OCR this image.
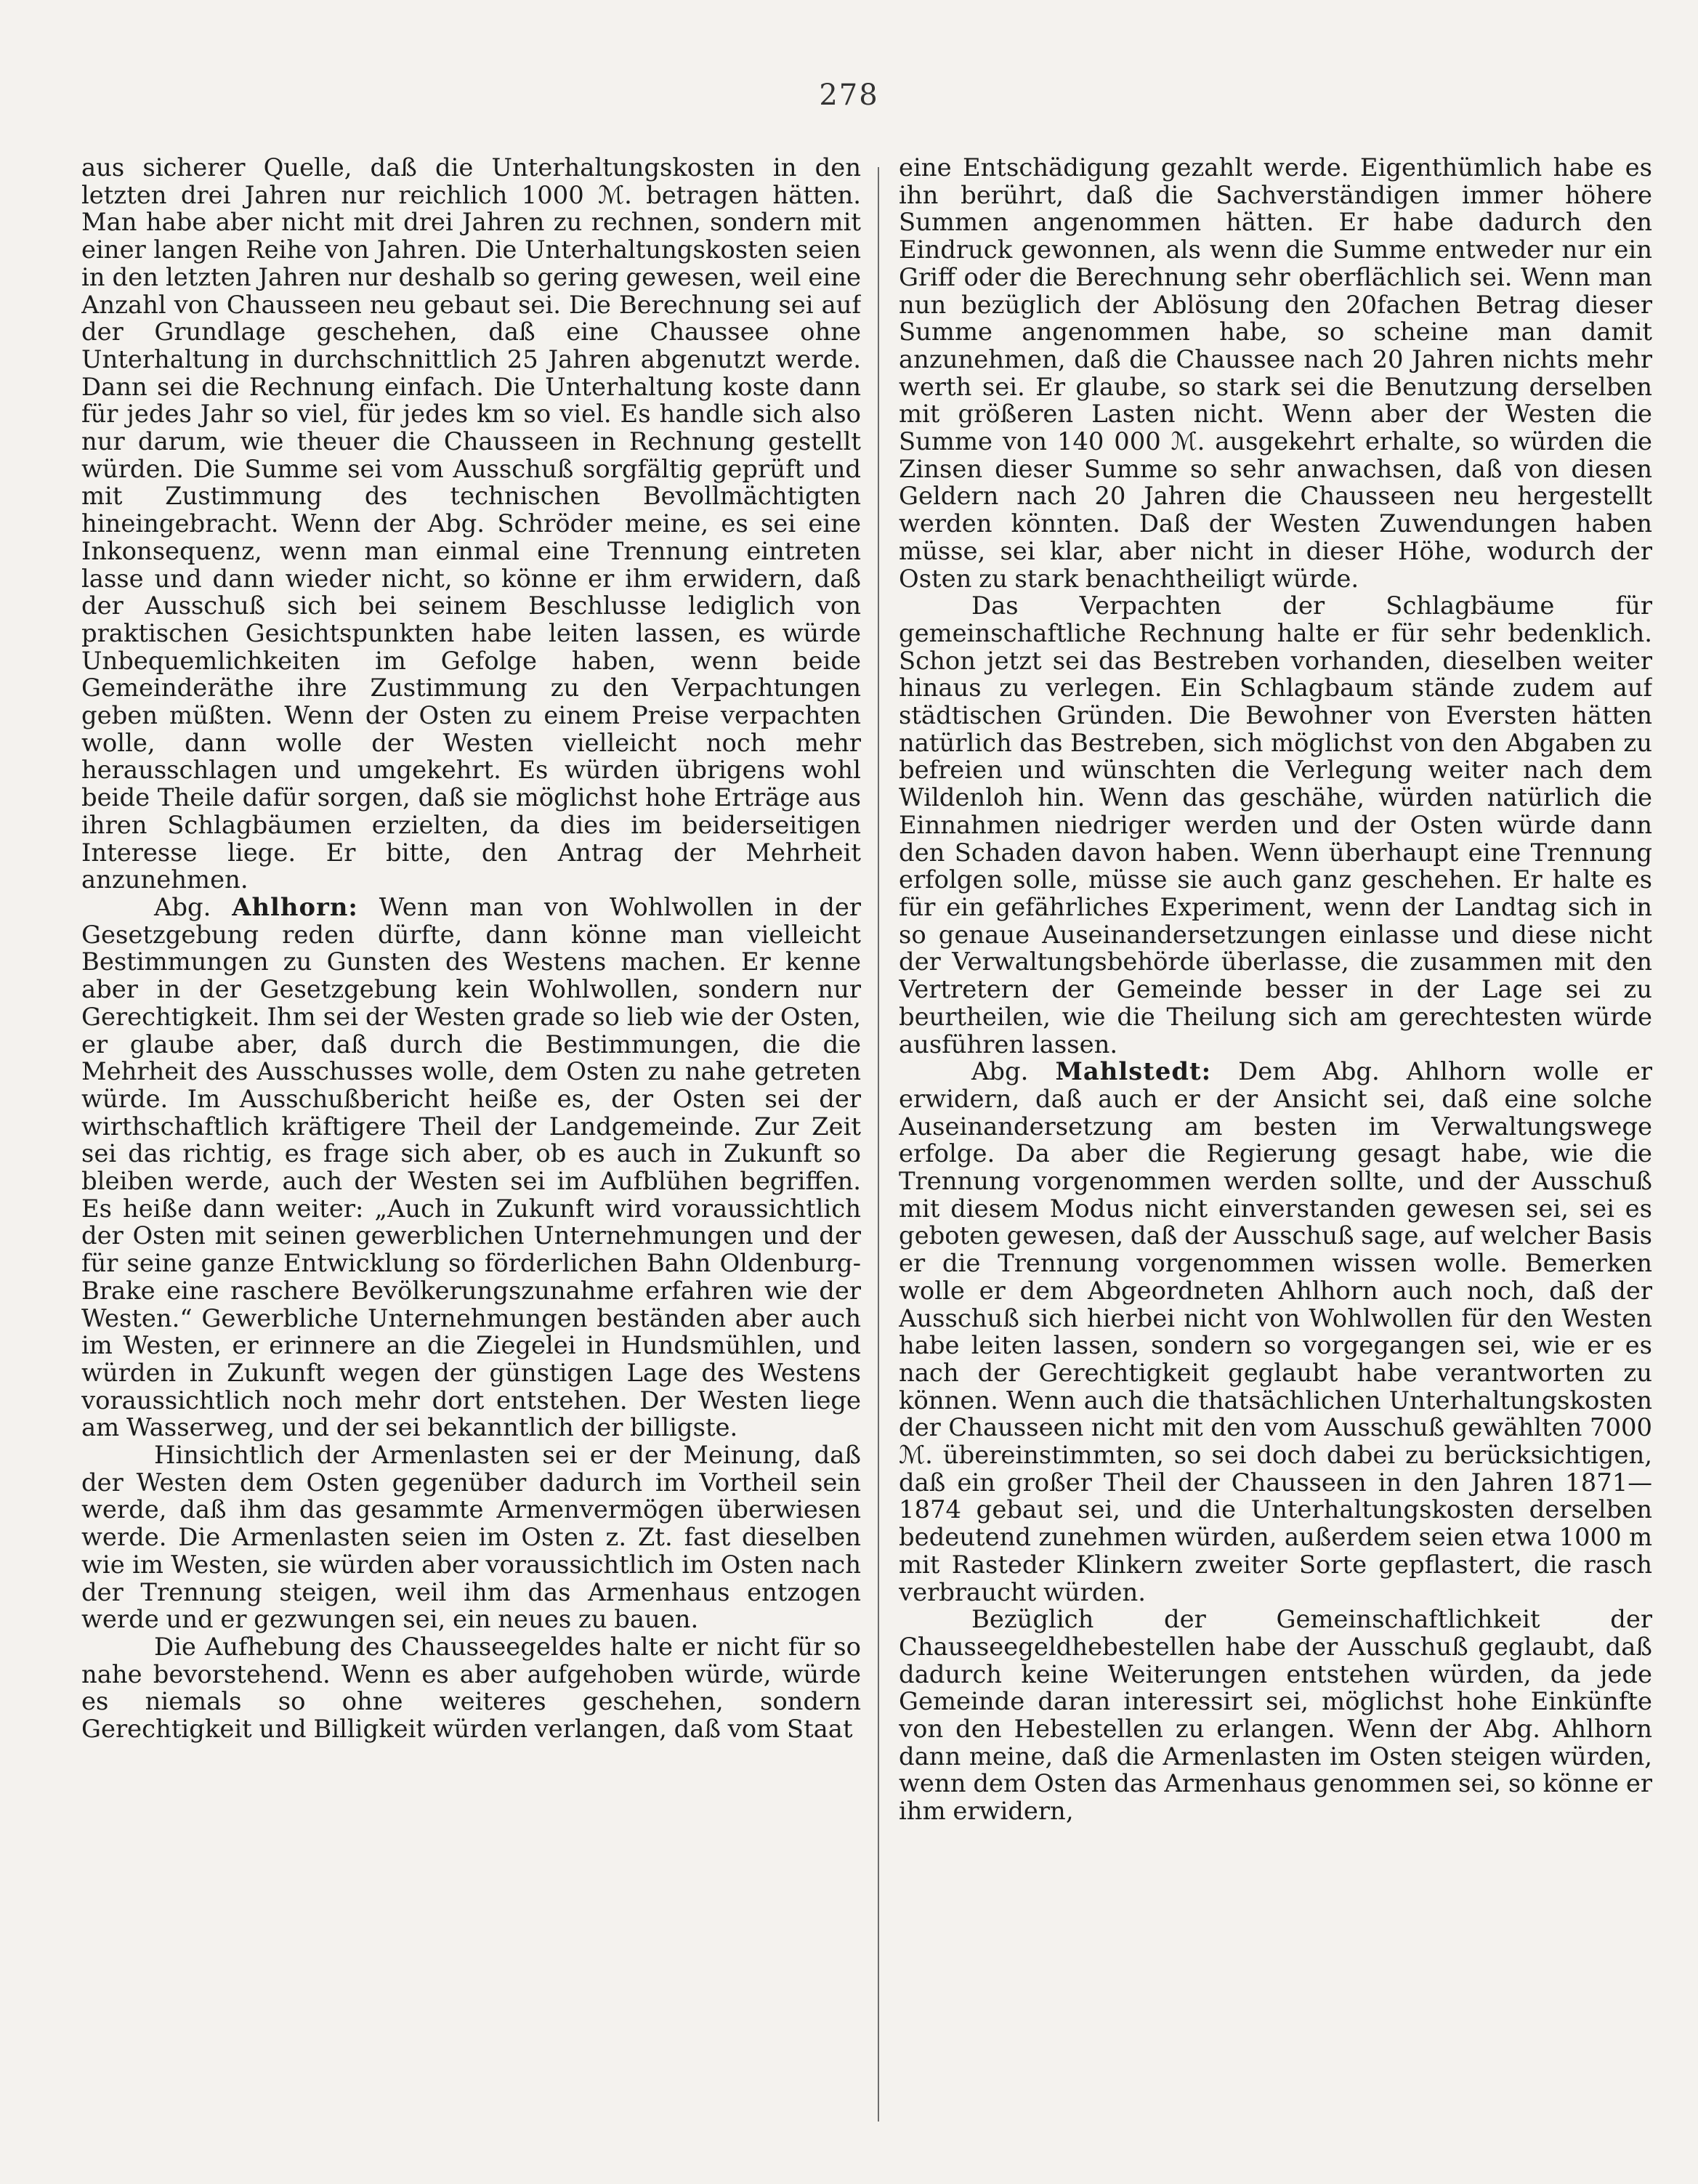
278

aus sicherer Quelle, daß die Unterhaltungskosten in den letzten drei Jahren nur reichlich 1000 ℳ. betragen hätten. Man habe aber nicht mit drei Jahren zu rechnen, sondern mit einer langen Reihe von Jahren. Die Unterhaltungskosten seien in den letzten Jahren nur deshalb so gering gewesen, weil eine Anzahl von Chausseen neu gebaut sei. Die Berechnung sei auf der Grundlage geschehen, daß eine Chaussee ohne Unterhaltung in durchschnittlich 25 Jahren abgenutzt werde. Dann sei die Rechnung einfach. Die Unterhaltung koste dann für jedes Jahr so viel, für jedes km so viel. Es handle sich also nur darum, wie theuer die Chausseen in Rechnung gestellt würden. Die Summe sei vom Ausschuß sorgfältig geprüft und mit Zustimmung des technischen Bevollmächtigten hineingebracht. Wenn der Abg. Schröder meine, es sei eine Inkonsequenz, wenn man einmal eine Trennung eintreten lasse und dann wieder nicht, so könne er ihm erwidern, daß der Ausschuß sich bei seinem Beschlusse lediglich von praktischen Gesichtspunkten habe leiten lassen, es würde Unbequemlichkeiten im Gefolge haben, wenn beide Gemeinderäthe ihre Zustimmung zu den Verpachtungen geben müßten. Wenn der Osten zu einem Preise verpachten wolle, dann wolle der Westen vielleicht noch mehr herausschlagen und umgekehrt. Es würden übrigens wohl beide Theile dafür sorgen, daß sie möglichst hohe Erträge aus ihren Schlagbäumen erzielten, da dies im beiderseitigen Interesse liege. Er bitte, den Antrag der Mehrheit anzunehmen.

Abg. Ahlhorn: Wenn man von Wohlwollen in der Gesetzgebung reden dürfte, dann könne man vielleicht Bestimmungen zu Gunsten des Westens machen. Er kenne aber in der Gesetzgebung kein Wohlwollen, sondern nur Gerechtigkeit. Ihm sei der Westen grade so lieb wie der Osten, er glaube aber, daß durch die Bestimmungen, die die Mehrheit des Ausschusses wolle, dem Osten zu nahe getreten würde. Im Ausschußbericht heiße es, der Osten sei der wirthschaftlich kräftigere Theil der Landgemeinde. Zur Zeit sei das richtig, es frage sich aber, ob es auch in Zukunft so bleiben werde, auch der Westen sei im Aufblühen begriffen. Es heiße dann weiter: „Auch in Zukunft wird voraussichtlich der Osten mit seinen gewerblichen Unternehmungen und der für seine ganze Entwicklung so förderlichen Bahn Oldenburg-Brake eine raschere Bevölkerungszunahme erfahren wie der Westen.“ Gewerbliche Unternehmungen beständen aber auch im Westen, er erinnere an die Ziegelei in Hundsmühlen, und würden in Zukunft wegen der günstigen Lage des Westens voraussichtlich noch mehr dort entstehen. Der Westen liege am Wasserweg, und der sei bekanntlich der billigste.

Hinsichtlich der Armenlasten sei er der Meinung, daß der Westen dem Osten gegenüber dadurch im Vortheil sein werde, daß ihm das gesammte Armenvermögen überwiesen werde. Die Armenlasten seien im Osten z. Zt. fast dieselben wie im Westen, sie würden aber voraussichtlich im Osten nach der Trennung steigen, weil ihm das Armenhaus entzogen werde und er gezwungen sei, ein neues zu bauen.

Die Aufhebung des Chausseegeldes halte er nicht für so nahe bevorstehend. Wenn es aber aufgehoben würde, würde es niemals so ohne weiteres geschehen, sondern Gerechtigkeit und Billigkeit würden verlangen, daß vom Staat

eine Entschädigung gezahlt werde. Eigenthümlich habe es ihn berührt, daß die Sachverständigen immer höhere Summen angenommen hätten. Er habe dadurch den Eindruck gewonnen, als wenn die Summe entweder nur ein Griff oder die Berechnung sehr oberflächlich sei. Wenn man nun bezüglich der Ablösung den 20fachen Betrag dieser Summe angenommen habe, so scheine man damit anzunehmen, daß die Chaussee nach 20 Jahren nichts mehr werth sei. Er glaube, so stark sei die Benutzung derselben mit größeren Lasten nicht. Wenn aber der Westen die Summe von 140 000 ℳ. ausgekehrt erhalte, so würden die Zinsen dieser Summe so sehr anwachsen, daß von diesen Geldern nach 20 Jahren die Chausseen neu hergestellt werden könnten. Daß der Westen Zuwendungen haben müsse, sei klar, aber nicht in dieser Höhe, wodurch der Osten zu stark benachtheiligt würde.

Das Verpachten der Schlagbäume für gemeinschaftliche Rechnung halte er für sehr bedenklich. Schon jetzt sei das Bestreben vorhanden, dieselben weiter hinaus zu verlegen. Ein Schlagbaum stände zudem auf städtischen Gründen. Die Bewohner von Eversten hätten natürlich das Bestreben, sich möglichst von den Abgaben zu befreien und wünschten die Verlegung weiter nach dem Wildenloh hin. Wenn das geschähe, würden natürlich die Einnahmen niedriger werden und der Osten würde dann den Schaden davon haben. Wenn überhaupt eine Trennung erfolgen solle, müsse sie auch ganz geschehen. Er halte es für ein gefährliches Experiment, wenn der Landtag sich in so genaue Auseinandersetzungen einlasse und diese nicht der Verwaltungsbehörde überlasse, die zusammen mit den Vertretern der Gemeinde besser in der Lage sei zu beurtheilen, wie die Theilung sich am gerechtesten würde ausführen lassen.

Abg. Mahlstedt: Dem Abg. Ahlhorn wolle er erwidern, daß auch er der Ansicht sei, daß eine solche Auseinandersetzung am besten im Verwaltungswege erfolge. Da aber die Regierung gesagt habe, wie die Trennung vorgenommen werden sollte, und der Ausschuß mit diesem Modus nicht einverstanden gewesen sei, sei es geboten gewesen, daß der Ausschuß sage, auf welcher Basis er die Trennung vorgenommen wissen wolle. Bemerken wolle er dem Abgeordneten Ahlhorn auch noch, daß der Ausschuß sich hierbei nicht von Wohlwollen für den Westen habe leiten lassen, sondern so vorgegangen sei, wie er es nach der Gerechtigkeit geglaubt habe verantworten zu können. Wenn auch die thatsächlichen Unterhaltungskosten der Chausseen nicht mit den vom Ausschuß gewählten 7000 ℳ. übereinstimmten, so sei doch dabei zu berücksichtigen, daß ein großer Theil der Chausseen in den Jahren 1871—1874 gebaut sei, und die Unterhaltungskosten derselben bedeutend zunehmen würden, außerdem seien etwa 1000 m mit Rasteder Klinkern zweiter Sorte gepflastert, die rasch verbraucht würden.

Bezüglich der Gemeinschaftlichkeit der Chausseegeldhebestellen habe der Ausschuß geglaubt, daß dadurch keine Weiterungen entstehen würden, da jede Gemeinde daran interessirt sei, möglichst hohe Einkünfte von den Hebestellen zu erlangen. Wenn der Abg. Ahlhorn dann meine, daß die Armenlasten im Osten steigen würden, wenn dem Osten das Armenhaus genommen sei, so könne er ihm erwidern,
